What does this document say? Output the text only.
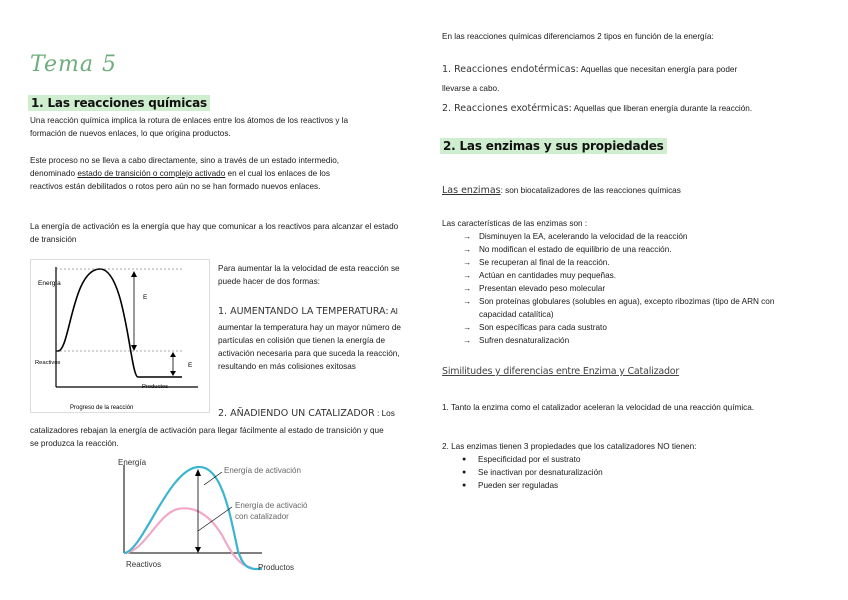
Tema 5
1. Las reacciones químicas
Una reacción química implica la rotura de enlaces entre los átomos de los reactivos y la formación de nuevos enlaces, lo que origina productos.
Este proceso no se lleva a cabo directamente, sino a través de un estado intermedio, denominado estado de transición o complejo activado en el cual los enlaces de los reactivos están debilitados o rotos pero aún no se han formado nuevos enlaces.
La energía de activación es la energía que hay que comunicar a los reactivos para alcanzar el estado de transición
Energía
E
Reactivos	E
Productos
Progreso de la reacción
Para aumentar la la velocidad de esta reacción se puede hacer de dos formas:
1. AUMENTANDO LA TEMPERATURA: Al
aumentar la temperatura hay un mayor número de partículas en colisión que tienen la energía de activación necesaria para que suceda la reacción, resultando en más colisiones exitosas
2. AÑADIENDO UN CATALIZADOR : Los
catalizadores rebajan la energía de activación para llegar fácilmente al estado de transición y que se produzca la reacción.
Energía
Energía de activación
Energía de activació
con catalizador
Reactivos	Productos
En las reacciones químicas diferenciamos 2 tipos en función de la energía:
1. Reacciones endotérmicas: Aquellas que necesitan energía para poder
llevarse a cabo.
2. Reacciones exotérmicas: Aquellas que liberan energía durante la reacción.
2. Las enzimas y sus propiedades
Las enzimas: son biocatalizadores de las reacciones químicas
Las características de las enzimas son :
→ Disminuyen la EA, acelerando la velocidad de la reacción
→ No modifican el estado de equilibrio de una reacción.
→ Se recuperan al final de la reacción.
→ Actúan en cantidades muy pequeñas.
→ Presentan elevado peso molecular
→ Son proteínas globulares (solubles en agua), excepto ribozimas (tipo de ARN con capacidad catalítica)
→ Son específicas para cada sustrato
→ Sufren desnaturalización
Similitudes y diferencias entre Enzima y Catalizador
1. Tanto la enzima como el catalizador aceleran la velocidad de una reacción química.
2. Las enzimas tienen 3 propiedades que los catalizadores NO tienen:
● Especificidad por el sustrato
● Se inactivan por desnaturalización
● Pueden ser reguladas
